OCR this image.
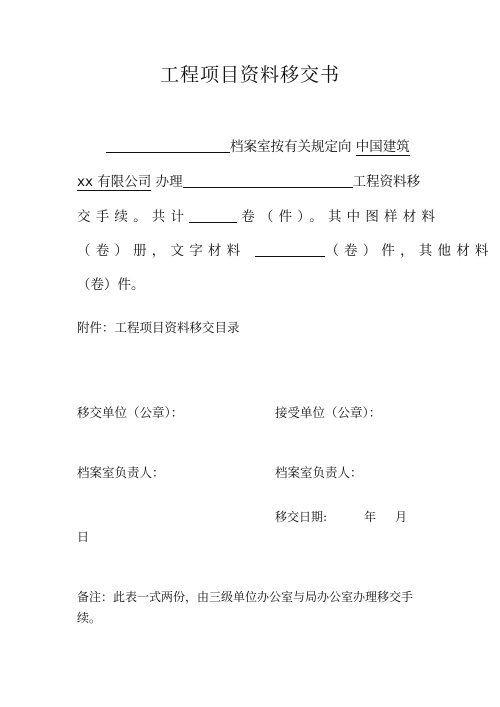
工程项目资料移交书
档案室按有关规定向 中国建筑
xx 有限公司 办理	工程资料移
交手续。共计	卷（件）。其中图样材料
（卷）册，文字材料	（卷）件，其他材料
（卷）件。
附件：工程项目资料移交目录
移交单位（公章）：	接受单位（公章）：
档案室负责人：	档案室负责人：
移交日期:	年 月
日
备注：此表一式两份，由三级单位办公室与局办公室办理移交手
续。
